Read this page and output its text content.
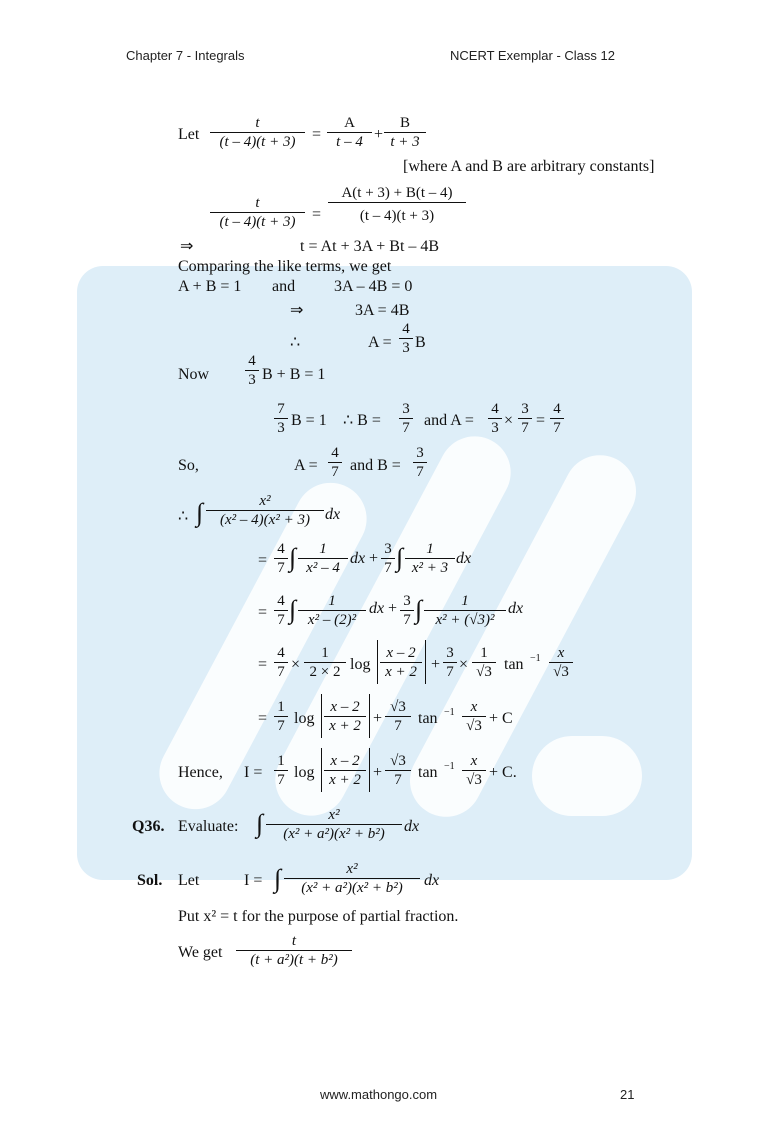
Chapter 7 - Integrals	NCERT Exemplar - Class 12
www.mathongo.com	21
Let $\frac{t}{(t - 4)(t + 3)} = \frac{A}{t - 4} + \frac{B}{t + 3}$
[where A and B are arbitrary constants]
$\frac{t}{(t - 4)(t + 3)} = \frac{A(t + 3) + B(t - 4)}{(t - 4)(t + 3)}$
⇒	t = At + 3A + Bt – 4B
Comparing the like terms, we get
A + B = 1 and 3A – 4B = 0
⇒	3A = 4B
∴	$A = \frac{4}{3}$ B
Now $\frac{4}{3}$ B + B = 1
$\frac{7}{3}$ B = 1 ∴ $B = \frac{3}{7}$ and $A = \frac{4}{3} \times \frac{3}{7} = \frac{4}{7}$
So,	$A = \frac{4}{7}$ and $B = \frac{3}{7}$
∴ ∫ $\frac{\text{x²}}{\text{(x² – 4)(x² + 3)}}$ dx
= $\frac{4}{7}$ ∫ $\frac{1}{\text{x² – 4}}$ dx + $\frac{3}{7}$ ∫ $\frac{1}{\text{x² + 3}}$ dx
= $\frac{4}{7}$ ∫ $\frac{1}{\text{x² – (2)²}}$ dx + $\frac{3}{7}$ ∫ $\frac{1}{\text{x² + (√3)²}}$ dx
= $\frac{4}{7} \times \frac{1}{2 \times 2}$ $\log \frac{x - 2}{x + 2} + \frac{3}{7} \times \frac{1}{√3}$ $\tan -1 \frac{x}{√3}$
= $\frac{1}{7}$ $\log \frac{x - 2}{x + 2} + \frac{√3}{7}$ $\tan -1 \frac{x}{√3} + C$
Hence, $I = \frac{1}{7}$ $\log \frac{x - 2}{x + 2} + \frac{√3}{7}$ $\tan -1 \frac{x}{√3} + C$.
Q36. Evaluate: ∫ $\frac{\text{x²}}{\text{(x² + a²)(x² + b²)}}$ dx
Sol. Let	I = ∫ $\frac{\text{x²}}{\text{(x² + a²)(x² + b²)}}$ dx
Put x² = t for the purpose of partial fraction.
We get $\frac{t}{\text{(t + a²)(t + b²)}}$
